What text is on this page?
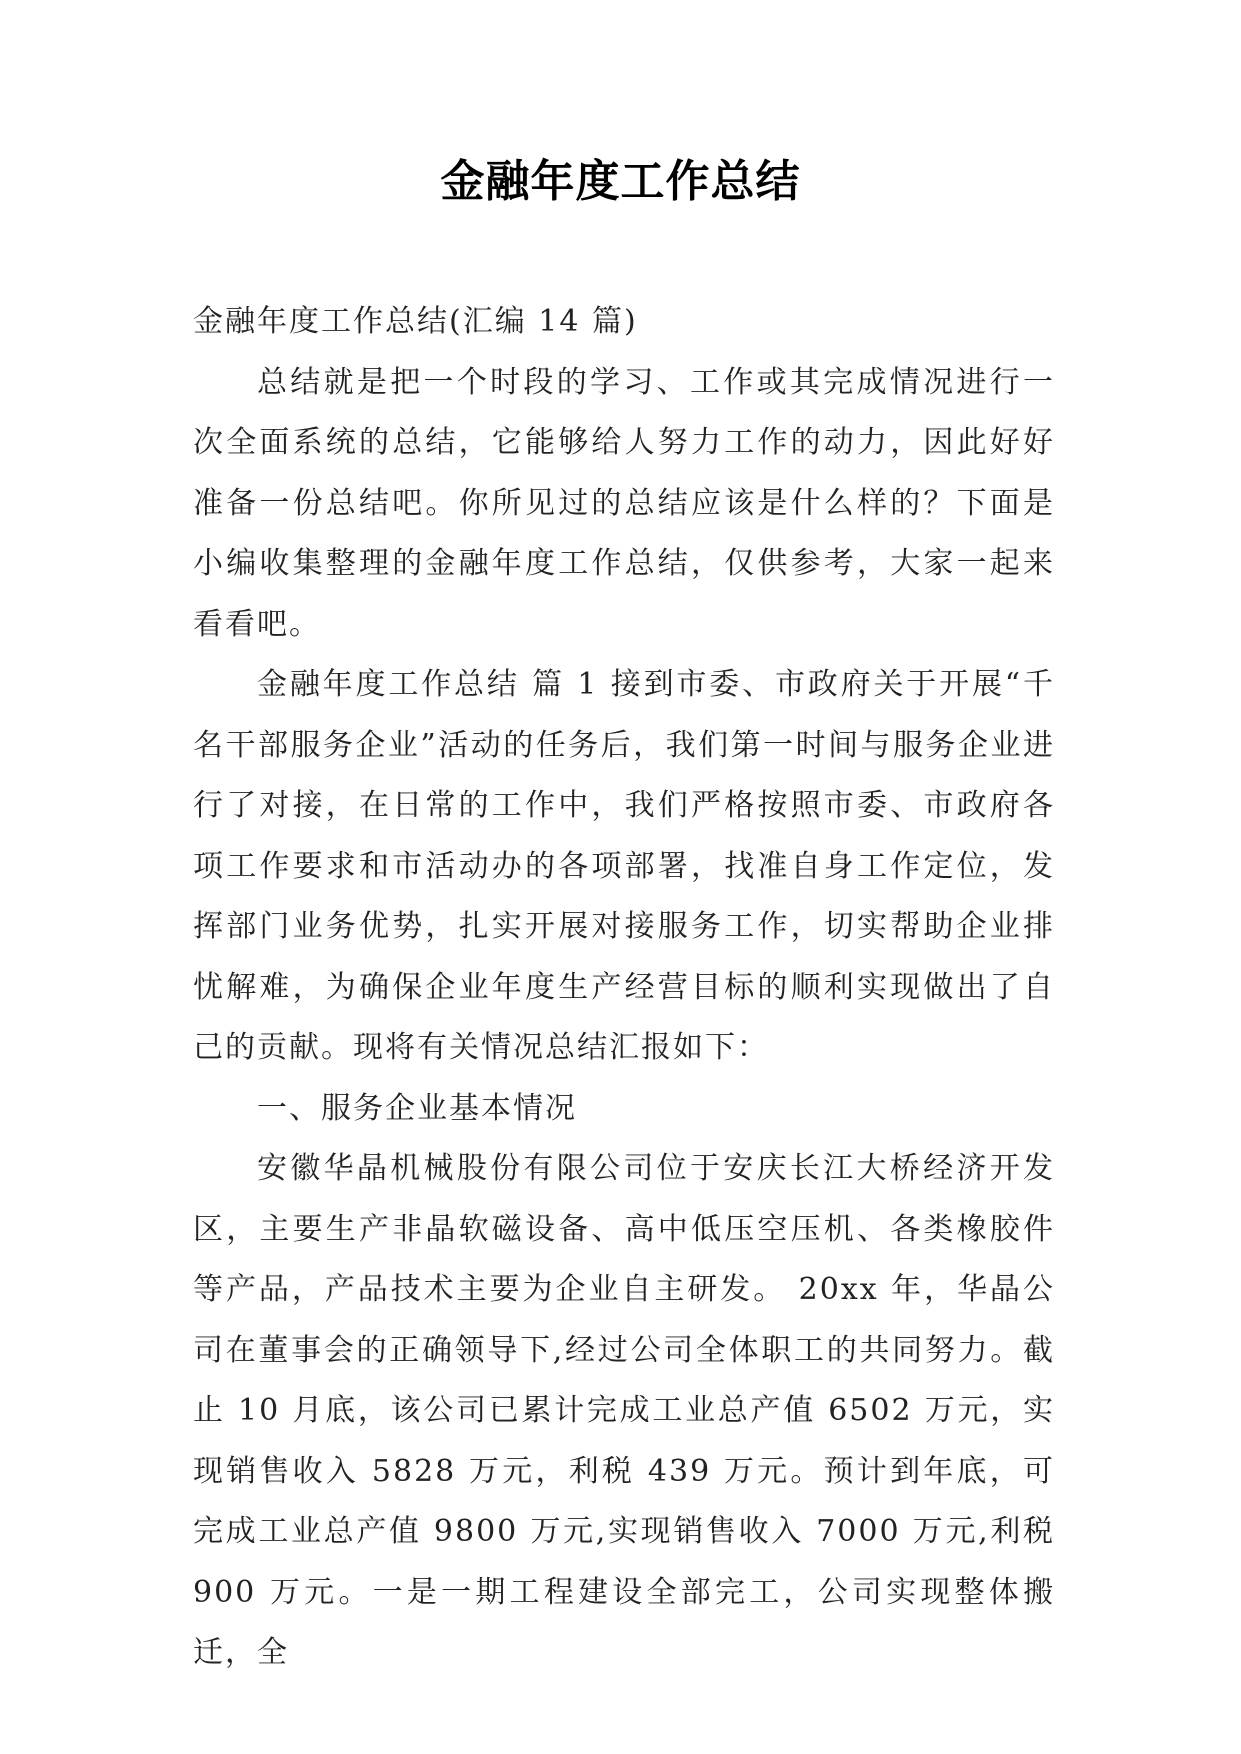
金融年度工作总结

金融年度工作总结(汇编 14 篇)

总结就是把一个时段的学习、工作或其完成情况进行一次全面系统的总结，它能够给人努力工作的动力，因此好好准备一份总结吧。你所见过的总结应该是什么样的？下面是小编收集整理的金融年度工作总结，仅供参考，大家一起来看看吧。

金融年度工作总结 篇 1 接到市委、市政府关于开展“千名干部服务企业”活动的任务后，我们第一时间与服务企业进行了对接，在日常的工作中，我们严格按照市委、市政府各项工作要求和市活动办的各项部署，找准自身工作定位，发挥部门业务优势，扎实开展对接服务工作，切实帮助企业排忧解难，为确保企业年度生产经营目标的顺利实现做出了自己的贡献。现将有关情况总结汇报如下：

一、服务企业基本情况

安徽华晶机械股份有限公司位于安庆长江大桥经济开发区，主要生产非晶软磁设备、高中低压空压机、各类橡胶件等产品，产品技术主要为企业自主研发。 20xx 年，华晶公司在董事会的正确领导下,经过公司全体职工的共同努力。截止 10 月底，该公司已累计完成工业总产值 6502 万元，实现销售收入 5828 万元，利税 439 万元。预计到年底，可完成工业总产值 9800 万元,实现销售收入 7000 万元,利税 900 万元。一是一期工程建设全部完工，公司实现整体搬迁，全
